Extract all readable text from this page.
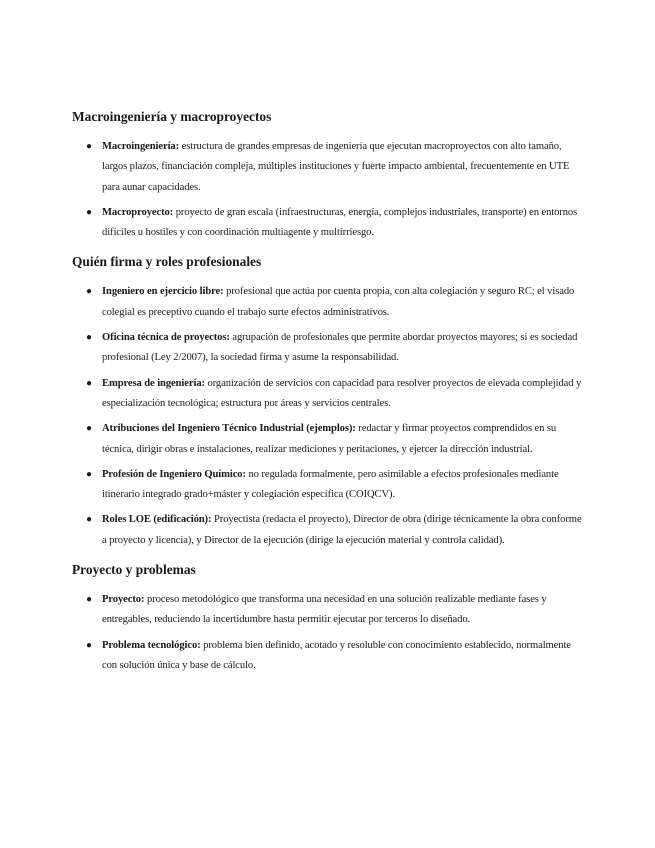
Macroingeniería y macroproyectos
● Macroingeniería: estructura de grandes empresas de ingeniería que ejecutan macroproyectos con alto tamaño, largos plazos, financiación compleja, múltiples instituciones y fuerte impacto ambiental, frecuentemente en UTE para aunar capacidades.
● Macroproyecto: proyecto de gran escala (infraestructuras, energía, complejos industriales, transporte) en entornos difíciles u hostiles y con coordinación multiagente y multirriesgo.
Quién firma y roles profesionales
● Ingeniero en ejercicio libre: profesional que actúa por cuenta propia, con alta colegiación y seguro RC; el visado colegial es preceptivo cuando el trabajo surte efectos administrativos.
● Oficina técnica de proyectos: agrupación de profesionales que permite abordar proyectos mayores; si es sociedad profesional (Ley 2/2007), la sociedad firma y asume la responsabilidad.
● Empresa de ingeniería: organización de servicios con capacidad para resolver proyectos de elevada complejidad y especialización tecnológica; estructura por áreas y servicios centrales.
● Atribuciones del Ingeniero Técnico Industrial (ejemplos): redactar y firmar proyectos comprendidos en su técnica, dirigir obras e instalaciones, realizar mediciones y peritaciones, y ejercer la dirección industrial.
● Profesión de Ingeniero Químico: no regulada formalmente, pero asimilable a efectos profesionales mediante itinerario integrado grado+máster y colegiación específica (COIQCV).
● Roles LOE (edificación): Proyectista (redacta el proyecto), Director de obra (dirige técnicamente la obra conforme a proyecto y licencia), y Director de la ejecución (dirige la ejecución material y controla calidad).
Proyecto y problemas
● Proyecto: proceso metodológico que transforma una necesidad en una solución realizable mediante fases y entregables, reduciendo la incertidumbre hasta permitir ejecutar por terceros lo diseñado.
● Problema tecnológico: problema bien definido, acotado y resoluble con conocimiento establecido, normalmente con solución única y base de cálculo.
